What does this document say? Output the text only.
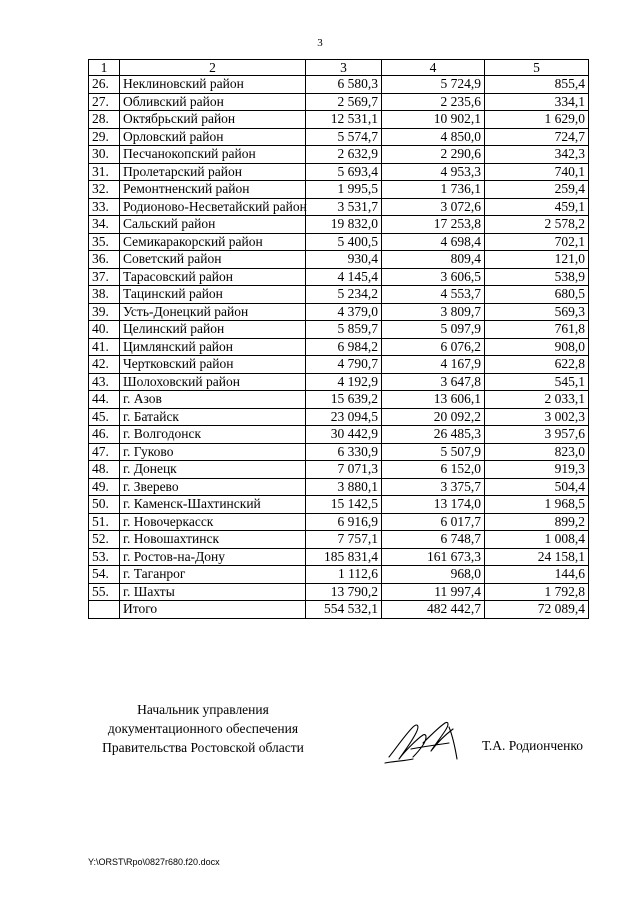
3
1	2	3	4	5
26.	Неклиновский район	6 580,3	5 724,9	855,4
27.	Обливский район	2 569,7	2 235,6	334,1
28.	Октябрьский район	12 531,1	10 902,1	1 629,0
29.	Орловский район	5 574,7	4 850,0	724,7
30.	Песчанокопский район	2 632,9	2 290,6	342,3
31.	Пролетарский район	5 693,4	4 953,3	740,1
32.	Ремонтненский район	1 995,5	1 736,1	259,4
33.	Родионово-Несветайский район	3 531,7	3 072,6	459,1
34.	Сальский район	19 832,0	17 253,8	2 578,2
35.	Семикаракорский район	5 400,5	4 698,4	702,1
36.	Советский район	930,4	809,4	121,0
37.	Тарасовский район	4 145,4	3 606,5	538,9
38.	Тацинский район	5 234,2	4 553,7	680,5
39.	Усть-Донецкий район	4 379,0	3 809,7	569,3
40.	Целинский район	5 859,7	5 097,9	761,8
41.	Цимлянский район	6 984,2	6 076,2	908,0
42.	Чертковский район	4 790,7	4 167,9	622,8
43.	Шолоховский район	4 192,9	3 647,8	545,1
44.	г. Азов	15 639,2	13 606,1	2 033,1
45.	г. Батайск	23 094,5	20 092,2	3 002,3
46.	г. Волгодонск	30 442,9	26 485,3	3 957,6
47.	г. Гуково	6 330,9	5 507,9	823,0
48.	г. Донецк	7 071,3	6 152,0	919,3
49.	г. Зверево	3 880,1	3 375,7	504,4
50.	г. Каменск-Шахтинский	15 142,5	13 174,0	1 968,5
51.	г. Новочеркасск	6 916,9	6 017,7	899,2
52.	г. Новошахтинск	7 757,1	6 748,7	1 008,4
53.	г. Ростов-на-Дону	185 831,4	161 673,3	24 158,1
54.	г. Таганрог	1 112,6	968,0	144,6
55.	г. Шахты	13 790,2	11 997,4	1 792,8
	Итого	554 532,1	482 442,7	72 089,4
Начальник управления
документационного обеспечения
Правительства Ростовской области	Т.А. Родионченко
Y:\ORST\Rpo\0827r680.f20.docx
